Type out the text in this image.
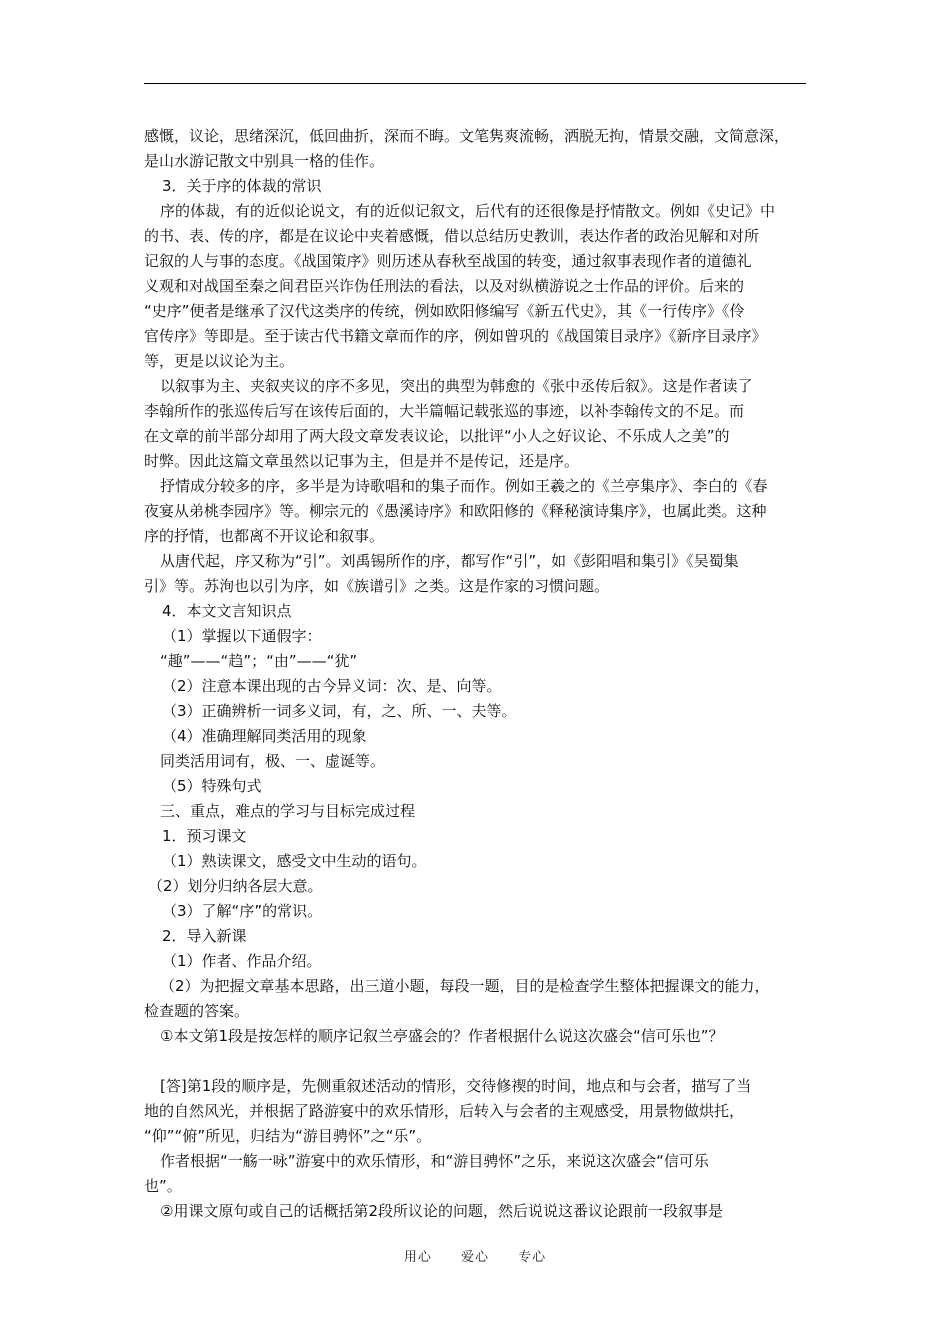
感慨，议论，思绪深沉，低回曲折，深而不晦。文笔隽爽流畅，洒脱无拘，情景交融，文简意深，
是山水游记散文中别具一格的佳作。
3．关于序的体裁的常识
序的体裁，有的近似论说文，有的近似记叙文，后代有的还很像是抒情散文。例如《史记》中
的书、表、传的序，都是在议论中夹着感慨，借以总结历史教训，表达作者的政治见解和对所
记叙的人与事的态度。《战国策序》则历述从春秋至战国的转变，通过叙事表现作者的道德礼
义观和对战国至秦之间君臣兴诈伪任刑法的看法，以及对纵横游说之士作品的评价。后来的
“史序”便者是继承了汉代这类序的传统，例如欧阳修编写《新五代史》，其《一行传序》《伶
官传序》等即是。至于读古代书籍文章而作的序，例如曾巩的《战国策目录序》《新序目录序》
等，更是以议论为主。
以叙事为主、夹叙夹议的序不多见，突出的典型为韩愈的《张中丞传后叙》。这是作者读了
李翰所作的张巡传后写在该传后面的，大半篇幅记载张巡的事迹，以补李翰传文的不足。而
在文章的前半部分却用了两大段文章发表议论，以批评“小人之好议论、不乐成人之美”的
时弊。因此这篇文章虽然以记事为主，但是并不是传记，还是序。
抒情成分较多的序，多半是为诗歌唱和的集子而作。例如王羲之的《兰亭集序》、李白的《春
夜宴从弟桃李园序》等。柳宗元的《愚溪诗序》和欧阳修的《释秘演诗集序》，也属此类。这种
序的抒情，也都离不开议论和叙事。
从唐代起，序又称为“引”。刘禹锡所作的序，都写作“引”，如《彭阳唱和集引》《吴蜀集
引》等。苏洵也以引为序，如《族谱引》之类。这是作家的习惯问题。
4．本文文言知识点
（1）掌握以下通假字：
“趣”——“趋”；“由”——“犹”
（2）注意本课出现的古今异义词：次、是、向等。
（3）正确辨析一词多义词，有，之、所、一、夫等。
（4）准确理解同类活用的现象
同类活用词有，极、一、虚诞等。
（5）特殊句式
三、重点，难点的学习与目标完成过程
1．预习课文
（1）熟读课文，感受文中生动的语句。
（2）划分归纳各层大意。
（3）了解“序”的常识。
2．导入新课
（1）作者、作品介绍。
（2）为把握文章基本思路，出三道小题，每段一题，目的是检查学生整体把握课文的能力，
检查题的答案。
①本文第1段是按怎样的顺序记叙兰亭盛会的？作者根据什么说这次盛会“信可乐也”？
[答]第1段的顺序是，先侧重叙述活动的情形，交待修禊的时间，地点和与会者，描写了当
地的自然风光，并根据了路游宴中的欢乐情形，后转入与会者的主观感受，用景物做烘托，
“仰”“俯”所见，归结为“游目骋怀”之“乐”。
作者根据“一觞一咏”游宴中的欢乐情形，和“游目骋怀”之乐，来说这次盛会“信可乐
也”。
②用课文原句或自己的话概括第2段所议论的问题，然后说说这番议论跟前一段叙事是
用心 爱心 专心
